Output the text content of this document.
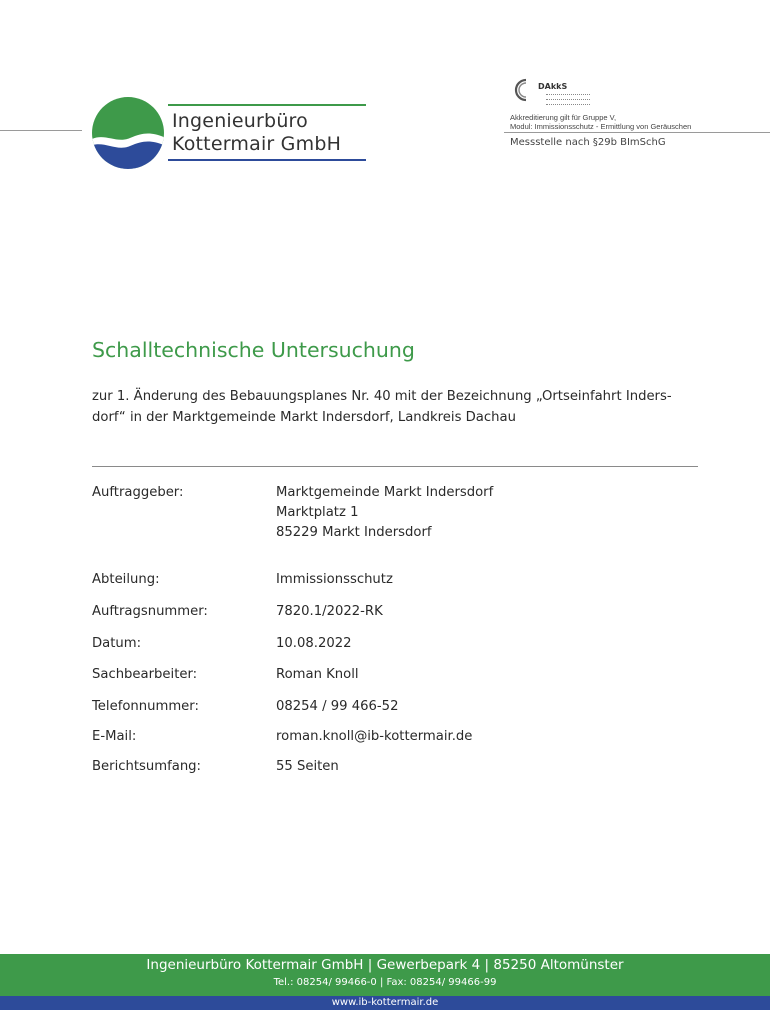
Ingenieurbüro
Kottermair GmbH
DAkkS
Akkreditierung gilt für Gruppe V,
Modul: Immissionsschutz - Ermittlung von Geräuschen
Messstelle nach §29b BImSchG
Schalltechnische Untersuchung
zur 1. Änderung des Bebauungsplanes Nr. 40 mit der Bezeichnung „Ortseinfahrt Inders-
dorf“ in der Marktgemeinde Markt Indersdorf, Landkreis Dachau
Auftraggeber:	Marktgemeinde Markt Indersdorf
Marktplatz 1
85229 Markt Indersdorf
Abteilung:	Immissionsschutz
Auftragsnummer:	7820.1/2022-RK
Datum:	10.08.2022
Sachbearbeiter:	Roman Knoll
Telefonnummer:	08254 / 99 466-52
E-Mail:	roman.knoll@ib-kottermair.de
Berichtsumfang:	55 Seiten
Ingenieurbüro Kottermair GmbH | Gewerbepark 4 | 85250 Altomünster
Tel.: 08254/ 99466-0 | Fax: 08254/ 99466-99
www.ib-kottermair.de
